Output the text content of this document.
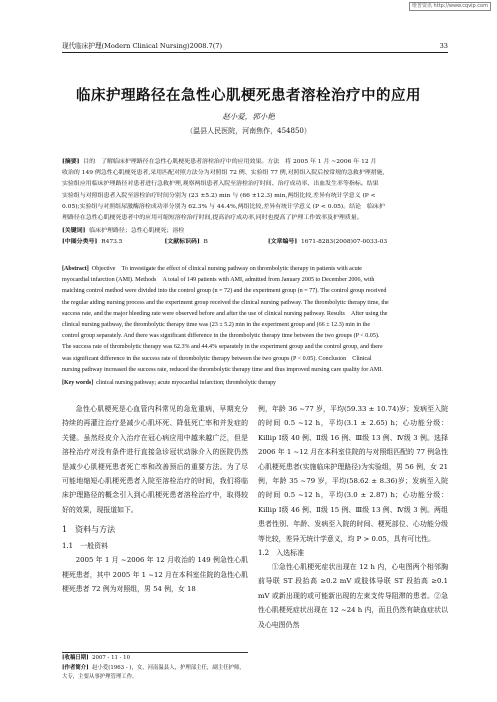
维普资讯 http://www.cqvip.com
现代临床护理(Modern Clinical Nursing)2008.7(7)	33
临床护理路径在急性心肌梗死患者溶栓治疗中的应用
赵小爱，郭小艳
（温县人民医院，河南焦作，454850）
[摘要] 目的　了解临床护理路径在急性心肌梗死患者溶栓治疗中的应用效果。方法　将 2005 年 1 月 ~2006 年 12 月
收治的 149 例急性心肌梗死患者,采用匹配对照方法分为对照组 72 例、实验组 77 例,对照组入院后按常规的急救护理措施,
实验组应用临床护理路径对患者进行急救护理,观察两组患者入院至溶栓治疗时间、治疗成功率、出血发生率等指标。结果
实验组与对照组患者入院至溶栓治疗时间分别为 (23 ±5.2) min 与 (66 ±12.3) min,两组比较,差异有统计学意义 (P <
0.05);实验组与对照组尿激酶溶栓成功率分别为 62.3% 与 44.4%,两组比较,差异有统计学意义 (P < 0.05)。结论　临床护
理路径在急性心肌梗死患者中的应用可缩短溶栓治疗时间,提高治疗成功率,同时也提高了护理工作效率及护理质量。
[关键词] 临床护理路径；急性心肌梗死；溶栓
[中图分类号] R473.5	[文献标识码] B	[文章编号] 1671-8283(2008)07-0033-03
[Abstract] Objective　To investigate the effect of clinical nursing pathway on thrombolytic therapy in patients with acute
myocardial infarction (AMI). Methods　A total of 149 patients with AMI, admitted from January 2005 to December 2006, with
matching control method were divided into the control group (n = 72) and the experiment group (n = 77). The control group received
the regular aiding nursing process and the experiment group received the clinical nursing pathway. The thrombolytic therapy time, the
success rate, and the major bleeding rate were observed before and after the use of clinical nursing pathway. Results　After using the
clinical nursing pathway, the thrombolytic therapy time was (23 ± 5.2) min in the experiment group and (66 ± 12.3) min in the
control group separately. And there was significant difference in the thrombolytic therapy time between the two groups (P < 0.05).
The success rate of thrombolytic therapy was 62.3% and 44.4% separately in the experiment group and the control group, and there
was significant difference in the success rate of thrombolytic therapy between the two groups (P < 0.05). Conclusion　Clinical
nursing pathway increased the success rate, reduced the thrombolytic therapy time and thus improved nursing care quality for AMI.
[Key words] clinical nursing pathway; acute myocardial infarction; thrombolytic therapy

急性心肌梗死是心血管内科常见的急危重病，早期充分持续的再灌注治疗是减少心肌坏死、降低死亡率和并发症的关键。虽然经皮介入治疗在冠心病应用中越来越广泛，但是溶栓治疗对没有条件进行直接急诊冠状动脉介入的医院仍然是减少心肌梗死患者死亡率和改善预后的重要方法。为了尽可能地缩短心肌梗死患者入院至溶栓治疗的时间，我们将临床护理路径的概念引入到心肌梗死患者溶栓治疗中，取得较好的效果，现报道如下。

1　资料与方法
1.1　一般资料

2005 年 1 月 ~2006 年 12 月收治的 149 例急性心肌梗死患者，其中 2005 年 1 ~12 月在本科室住院的急性心肌梗死患者 72 例为对照组，男 54 例，女 18

[收稿日期] 2007 - 11 - 10
[作者简介] 赵小爱(1963 - )，女，河南温县人，护理部主任，副主任护师，大专，主要从事护理管理工作。

例，年龄 36 ~77 岁，平均(59.33 ± 10.74)岁；发病至入院的时间 0.5 ~12 h，平均(3.1 ± 2.65) h；心功能分级：Killip Ⅰ级 40 例、Ⅱ级 16 例、Ⅲ级 13 例、Ⅳ级 3 例。选择 2006 年 1 ~12 月在本科室住院的与对照组匹配的 77 例急性心肌梗死患者(实施临床护理路径)为实验组，男 56 例，女 21 例，年龄 35 ~79 岁，平均(58.62 ± 8.36)岁；发病至入院的时间 0.5 ~12 h，平均(3.0 ± 2.87) h；心功能分级：Killip Ⅰ级 46 例、Ⅱ级 15 例、Ⅲ级 13 例、Ⅳ级 3 例。两组患者性别、年龄、发病至入院的时间、梗死部位、心功能分级等比较，差异无统计学意义，均 P > 0.05，具有可比性。

1.2　入选标准

①急性心肌梗死症状出现在 12 h 内，心电图两个相邻胸前导联 ST 段抬高 ≥0.2 mV 或肢体导联 ST 段抬高 ≥0.1 mV 或新出现的或可能新出现的左束支传导阻滞的患者。②急性心肌梗死症状出现在 12 ~24 h 内，而且仍然有缺血症状以及心电图仍然
